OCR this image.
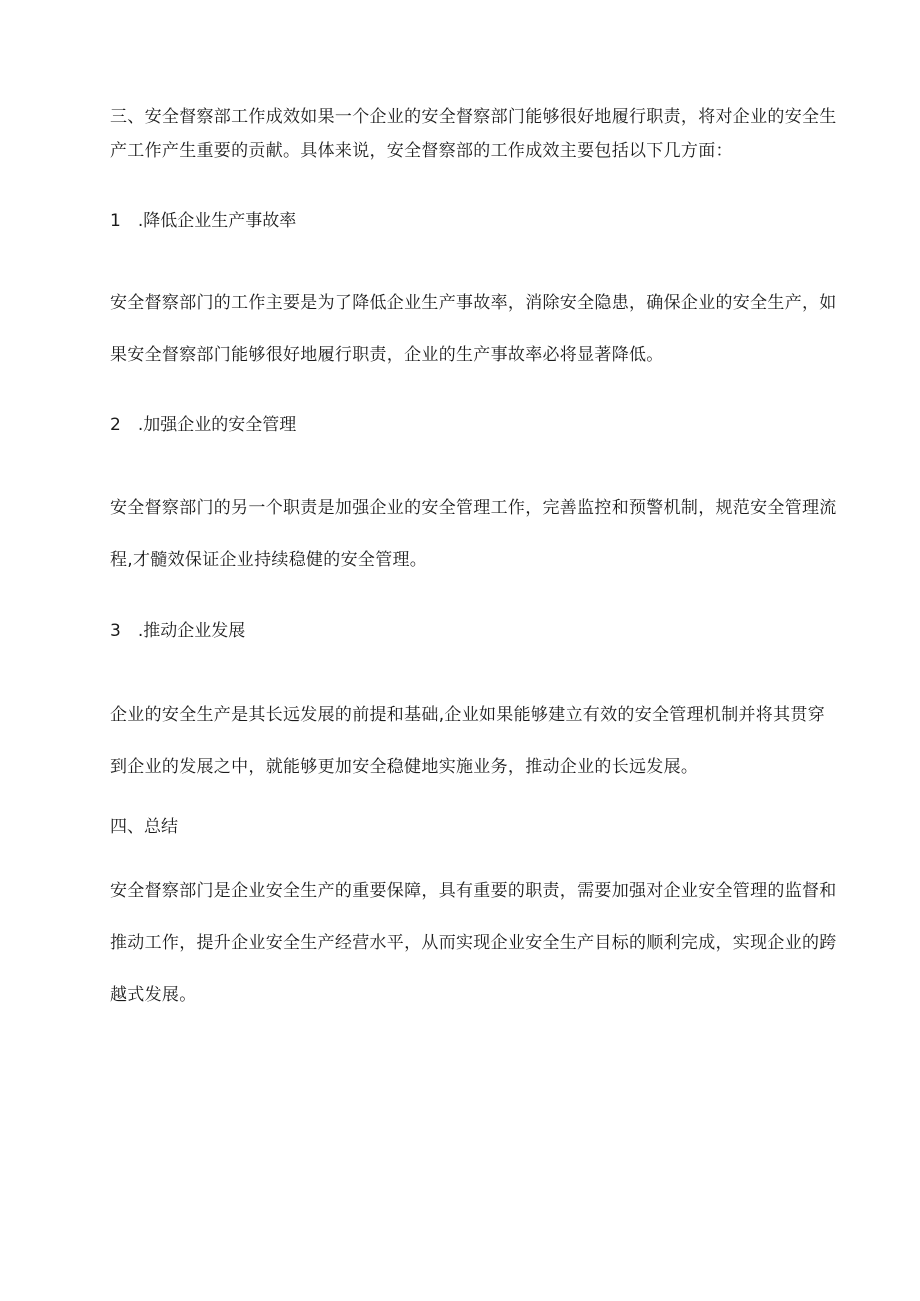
三、安全督察部工作成效如果一个企业的安全督察部门能够很好地履行职责，将对企业的安全生
产工作产生重要的贡献。具体来说，安全督察部的工作成效主要包括以下几方面：

1　.降低企业生产事故率

安全督察部门的工作主要是为了降低企业生产事故率，消除安全隐患，确保企业的安全生产，如
果安全督察部门能够很好地履行职责，企业的生产事故率必将显著降低。

2　.加强企业的安全管理

安全督察部门的另一个职责是加强企业的安全管理工作，完善监控和预警机制，规范安全管理流
程,才髓效保证企业持续稳健的安全管理。

3　.推动企业发展

企业的安全生产是其长远发展的前提和基础,企业如果能够建立有效的安全管理机制并将其贯穿
到企业的发展之中，就能够更加安全稳健地实施业务，推动企业的长远发展。

四、总结

安全督察部门是企业安全生产的重要保障，具有重要的职责，需要加强对企业安全管理的监督和
推动工作，提升企业安全生产经营水平，从而实现企业安全生产目标的顺利完成，实现企业的跨
越式发展。
